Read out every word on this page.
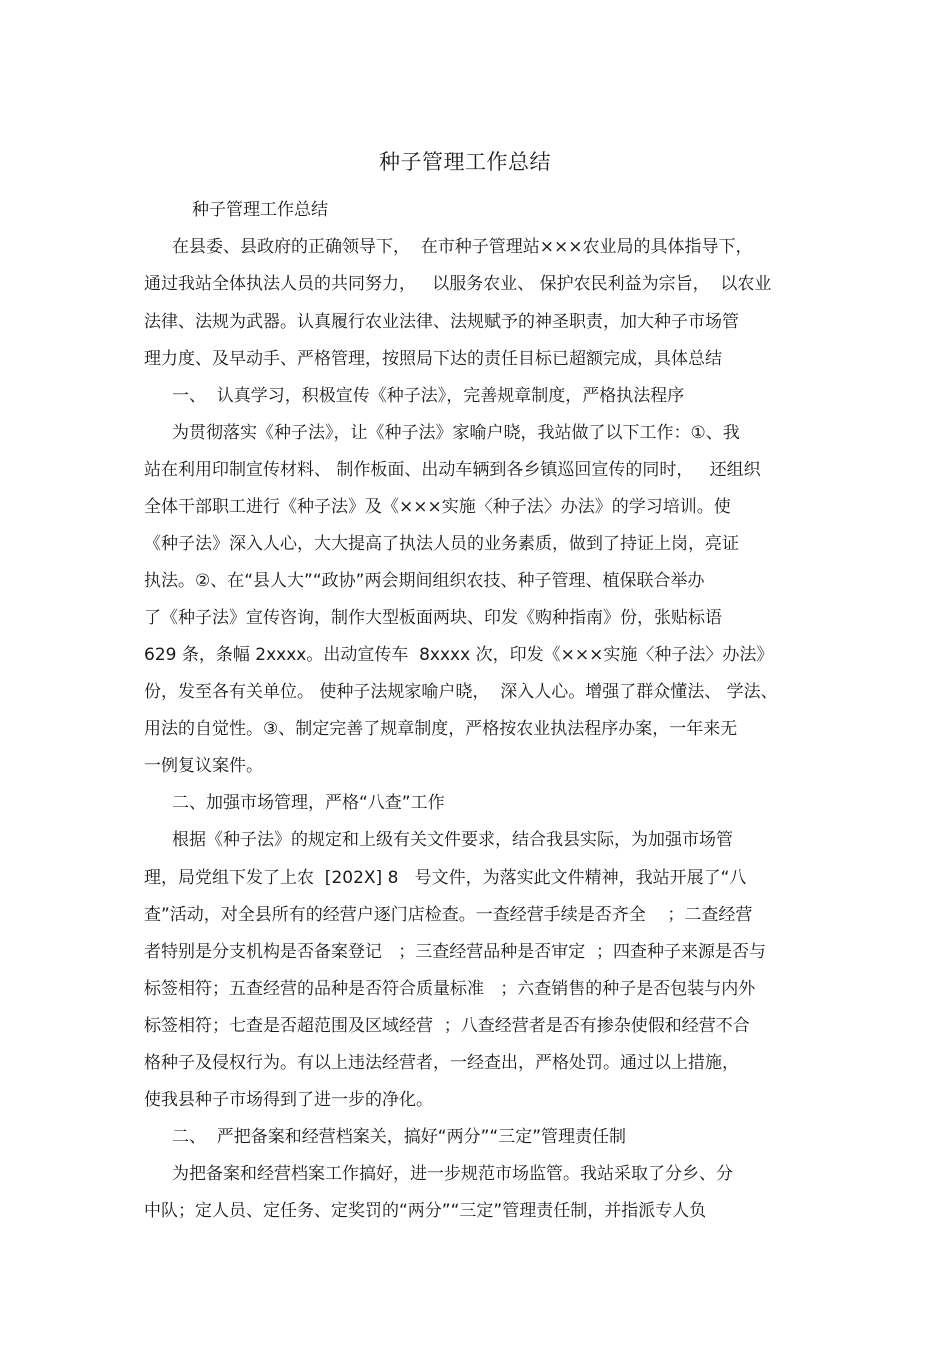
种子管理工作总结
种子管理工作总结
在县委、县政府的正确领导下，  在市种子管理站×××农业局的具体指导下，
通过我站全体执法人员的共同努力，   以服务农业、 保护农民利益为宗旨，  以农业
法律、法规为武器。认真履行农业法律、法规赋予的神圣职责，加大种子市场管
理力度、及早动手、严格管理，按照局下达的责任目标已超额完成，具体总结
一、  认真学习，积极宣传《种子法》，完善规章制度，严格执法程序
为贯彻落实《种子法》，让《种子法》家喻户晓，我站做了以下工作：①、我
站在利用印制宣传材料、 制作板面、出动车辆到各乡镇巡回宣传的同时，   还组织
全体干部职工进行《种子法》及《×××实施〈种子法〉办法》的学习培训。使
《种子法》深入人心，大大提高了执法人员的业务素质，做到了持证上岗，亮证
执法。②、在“县人大”“政协”两会期间组织农技、种子管理、植保联合举办
了《种子法》宣传咨询，制作大型板面两块、印发《购种指南》份，张贴标语
629 条，条幅 2xxxx。出动宣传车  8xxxx 次，印发《×××实施〈种子法〉办法》
份，发至各有关单位。 使种子法规家喻户晓，  深入人心。增强了群众懂法、 学法、
用法的自觉性。③、制定完善了规章制度，严格按农业执法程序办案，一年来无
一例复议案件。
二、加强市场管理，严格“八查”工作
根据《种子法》的规定和上级有关文件要求，结合我县实际，为加强市场管
理，局党组下发了上农  [202X] 8   号文件，为落实此文件精神，我站开展了“八
查”活动，对全县所有的经营户逐门店检查。一查经营手续是否齐全    ；二查经营
者特别是分支机构是否备案登记   ；三查经营品种是否审定  ；四查种子来源是否与
标签相符；五查经营的品种是否符合质量标准   ；六查销售的种子是否包装与内外
标签相符；七查是否超范围及区域经营  ；八查经营者是否有掺杂使假和经营不合
格种子及侵权行为。有以上违法经营者，一经查出，严格处罚。通过以上措施，
使我县种子市场得到了进一步的净化。
二、  严把备案和经营档案关，搞好“两分”“三定”管理责任制
为把备案和经营档案工作搞好，进一步规范市场监管。我站采取了分乡、分
中队；定人员、定任务、定奖罚的“两分”“三定”管理责任制，并指派专人负
